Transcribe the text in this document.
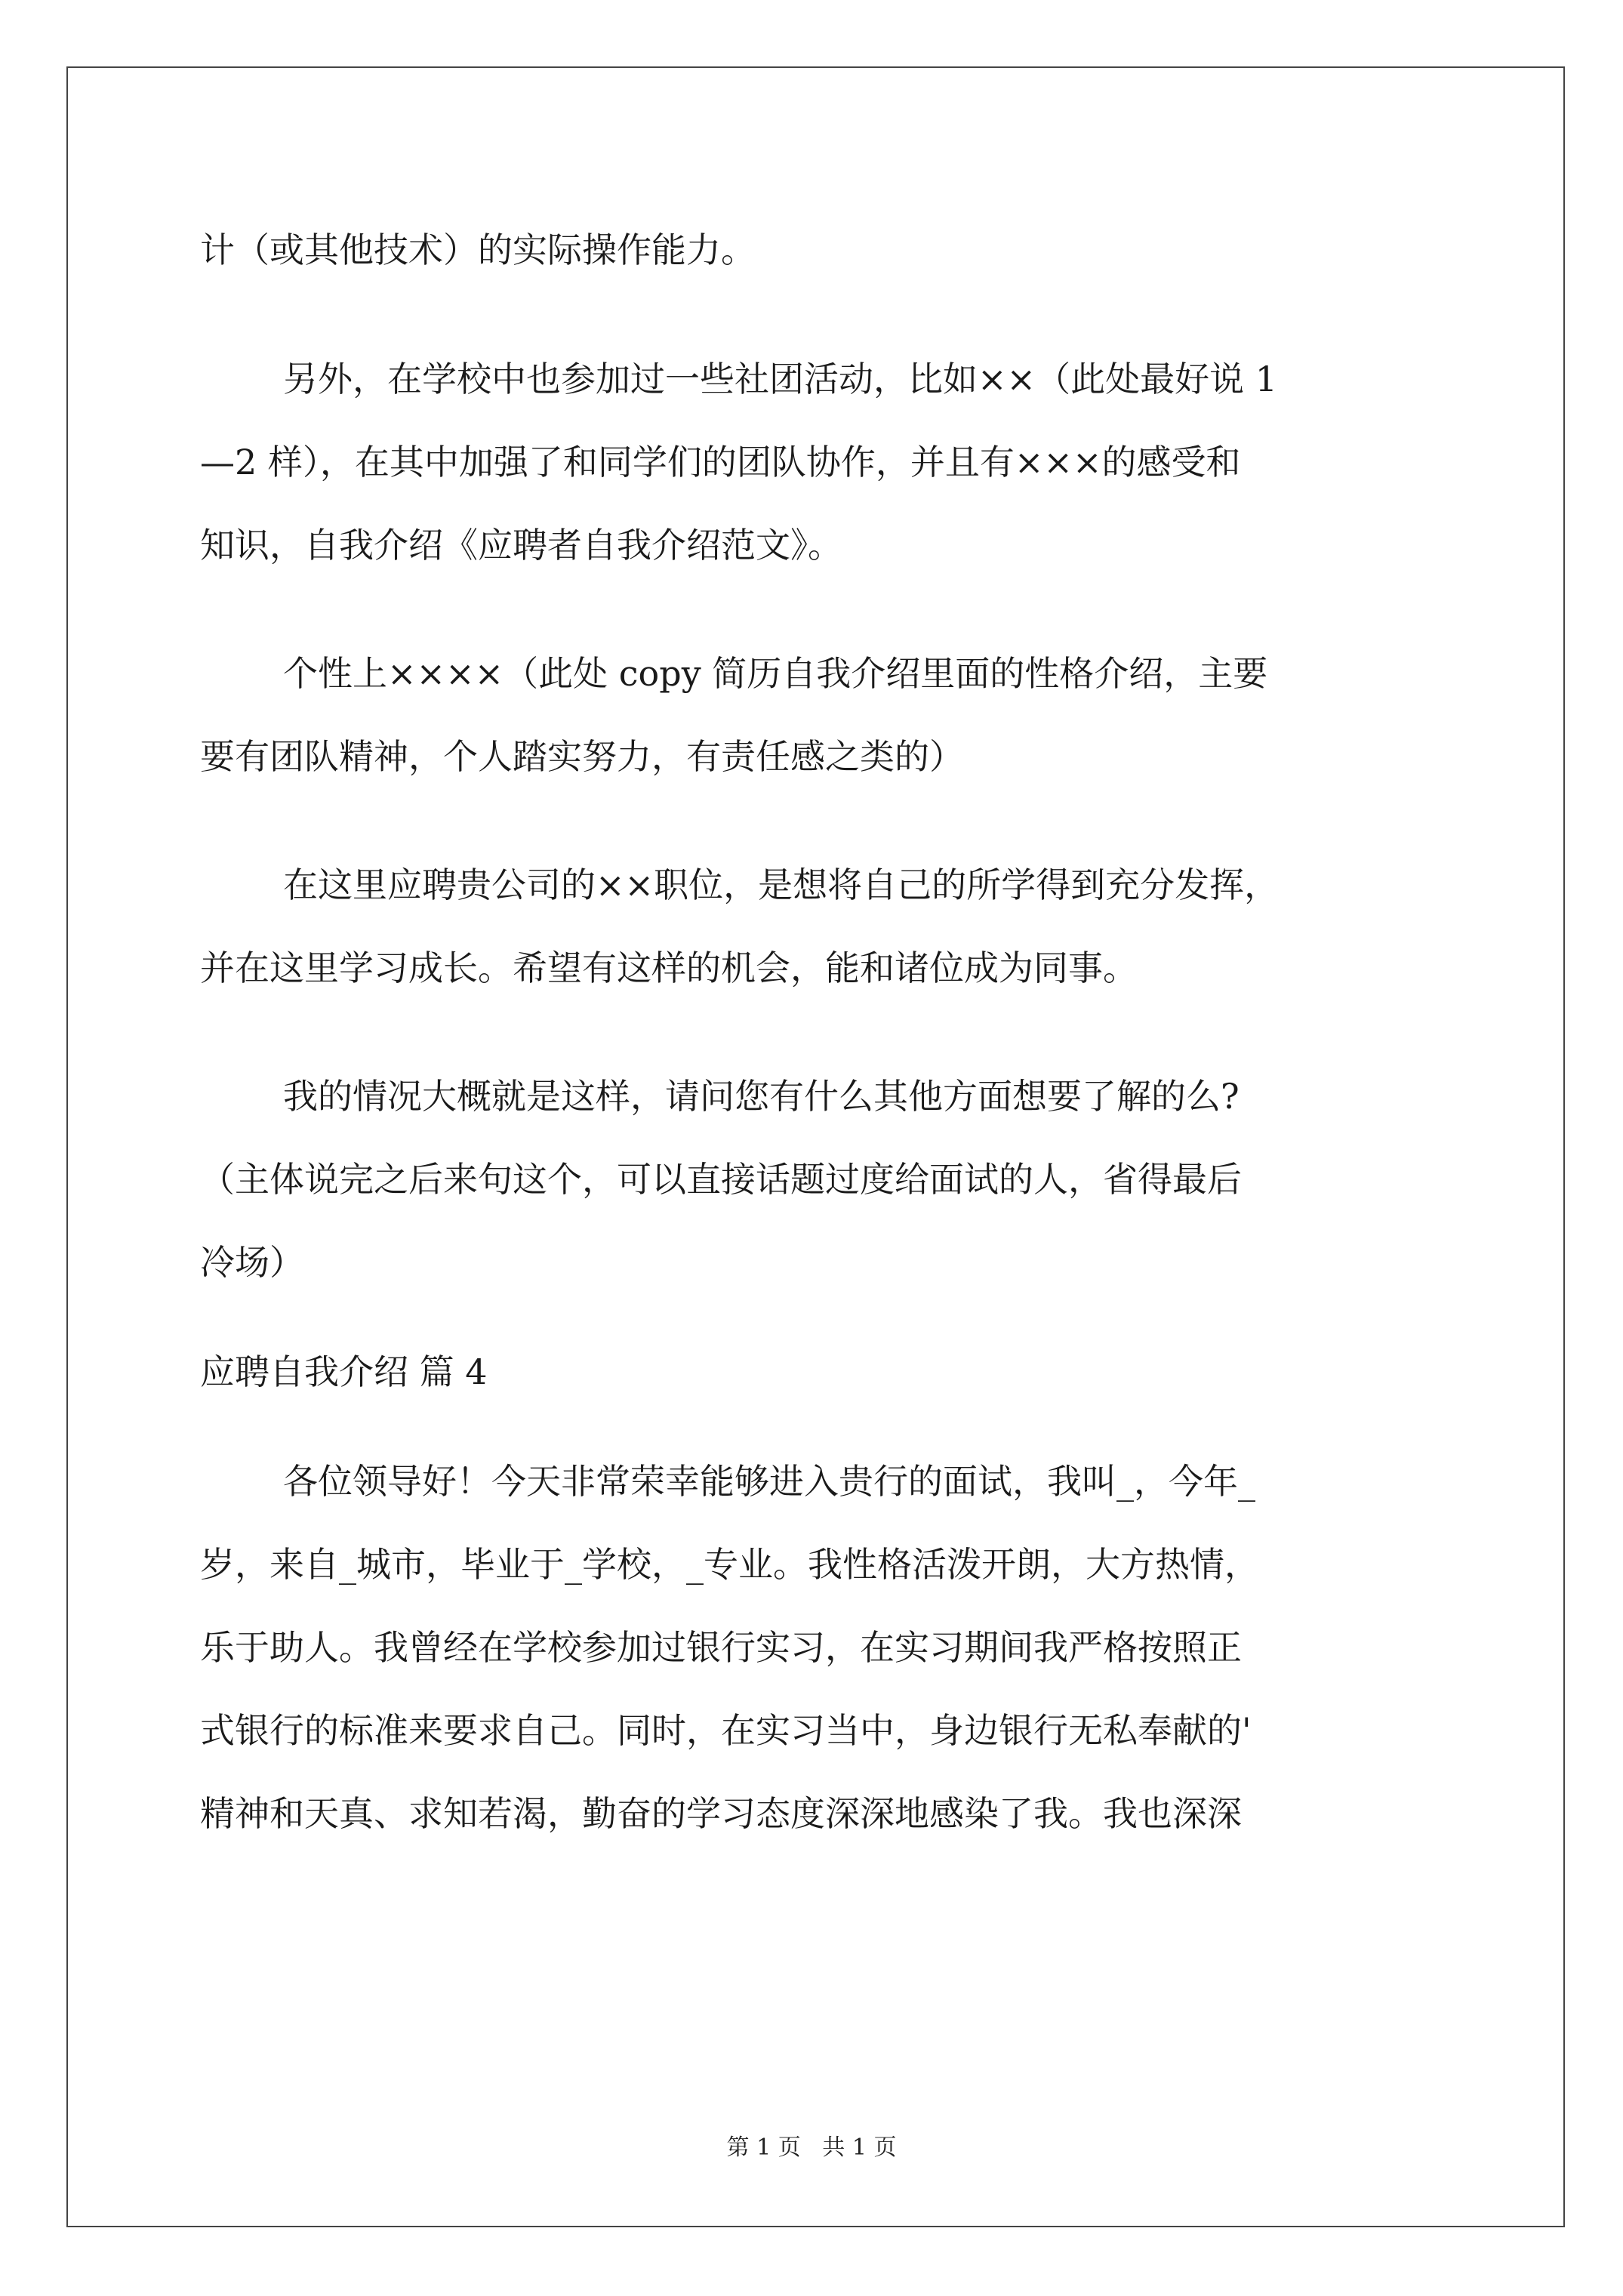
计（或其他技术）的实际操作能力。
另外，在学校中也参加过一些社团活动，比如××（此处最好说 1
—2 样），在其中加强了和同学们的团队协作，并且有×××的感受和
知识，自我介绍《应聘者自我介绍范文》。
个性上××××（此处 copy 简历自我介绍里面的性格介绍，主要
要有团队精神，个人踏实努力，有责任感之类的）
在这里应聘贵公司的××职位，是想将自己的所学得到充分发挥，
并在这里学习成长。希望有这样的机会，能和诸位成为同事。
我的情况大概就是这样，请问您有什么其他方面想要了解的么?
（主体说完之后来句这个，可以直接话题过度给面试的人，省得最后
冷场）
应聘自我介绍 篇 4
各位领导好！今天非常荣幸能够进入贵行的面试，我叫_，今年_
岁，来自_城市，毕业于_学校，_专业。我性格活泼开朗，大方热情，
乐于助人。我曾经在学校参加过银行实习，在实习期间我严格按照正
式银行的标准来要求自己。同时，在实习当中，身边银行无私奉献的'
精神和天真、求知若渴，勤奋的学习态度深深地感染了我。我也深深
第 1 页   共 1 页
